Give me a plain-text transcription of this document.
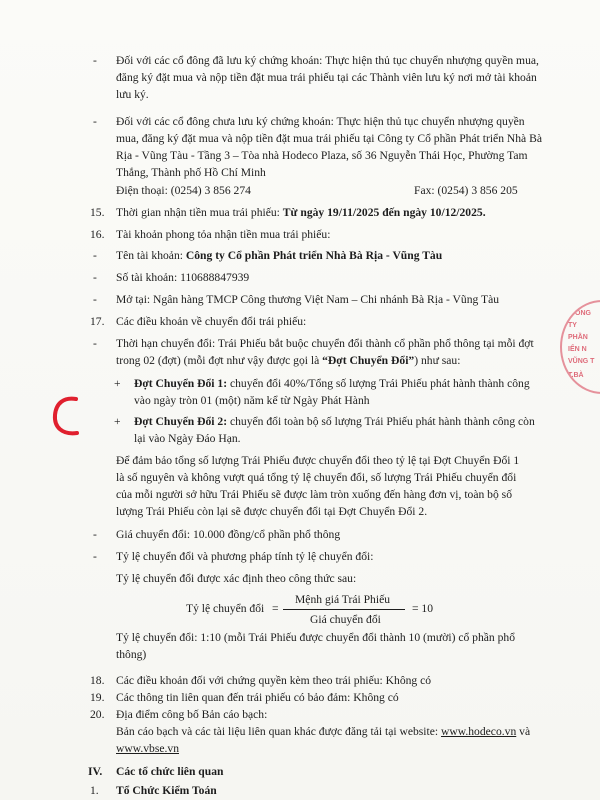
- Đối với các cổ đông đã lưu ký chứng khoán: Thực hiện thủ tục chuyển nhượng quyền mua,
đăng ký đặt mua và nộp tiền đặt mua trái phiếu tại các Thành viên lưu ký nơi mở tài khoản
lưu ký.
- Đối với các cổ đông chưa lưu ký chứng khoán: Thực hiện thủ tục chuyển nhượng quyền
mua, đăng ký đặt mua và nộp tiền đặt mua trái phiếu tại Công ty Cổ phần Phát triển Nhà Bà
Rịa - Vũng Tàu - Tầng 3 – Tòa nhà Hodeco Plaza, số 36 Nguyễn Thái Học, Phường Tam
Thắng, Thành phố Hồ Chí Minh
Điện thoại: (0254) 3 856 274	Fax: (0254) 3 856 205
15. Thời gian nhận tiền mua trái phiếu: Từ ngày 19/11/2025 đến ngày 10/12/2025.
16. Tài khoản phong tỏa nhận tiền mua trái phiếu:
- Tên tài khoản: Công ty Cổ phần Phát triển Nhà Bà Rịa - Vũng Tàu
- Số tài khoản: 110688847939
- Mở tại: Ngân hàng TMCP Công thương Việt Nam – Chi nhánh Bà Rịa - Vũng Tàu
17. Các điều khoản về chuyển đổi trái phiếu:
- Thời hạn chuyển đổi: Trái Phiếu bắt buộc chuyển đổi thành cổ phần phổ thông tại mỗi đợt
trong 02 (đợt) (mỗi đợt như vậy được gọi là “Đợt Chuyển Đổi”) như sau:
+ Đợt Chuyển Đổi 1: chuyển đổi 40%/Tổng số lượng Trái Phiếu phát hành thành công
vào ngày tròn 01 (một) năm kể từ Ngày Phát Hành
+ Đợt Chuyển Đổi 2: chuyển đổi toàn bộ số lượng Trái Phiếu phát hành thành công còn
lại vào Ngày Đáo Hạn.
Để đảm bảo tổng số lượng Trái Phiếu được chuyển đổi theo tỷ lệ tại Đợt Chuyển Đổi 1
là số nguyên và không vượt quá tổng tỷ lệ chuyển đổi, số lượng Trái Phiếu chuyển đổi
của mỗi người sở hữu Trái Phiếu sẽ được làm tròn xuống đến hàng đơn vị, toàn bộ số
lượng Trái Phiếu còn lại sẽ được chuyển đổi tại Đợt Chuyển Đổi 2.
- Giá chuyển đổi: 10.000 đồng/cổ phần phổ thông
- Tỷ lệ chuyển đổi và phương pháp tính tỷ lệ chuyển đổi:
Tỷ lệ chuyển đổi được xác định theo công thức sau:
Tỷ lệ chuyển đổi =
Mệnh giá Trái Phiếu
Giá chuyển đổi
= 10
Tỷ lệ chuyển đổi: 1:10 (mỗi Trái Phiếu được chuyển đổi thành 10 (mười) cổ phần phổ
thông)
18. Các điều khoản đối với chứng quyền kèm theo trái phiếu: Không có
19. Các thông tin liên quan đến trái phiếu có bảo đảm: Không có
20. Địa điểm công bố Bản cáo bạch:
Bản cáo bạch và các tài liệu liên quan khác được đăng tải tại website: www.hodeco.vn và
www.vbse.vn
IV. Các tổ chức liên quan
1. Tổ Chức Kiểm Toán
C ÔNG
TY
PHẦN
IỂN N
VŨNG T
T.BÀ
